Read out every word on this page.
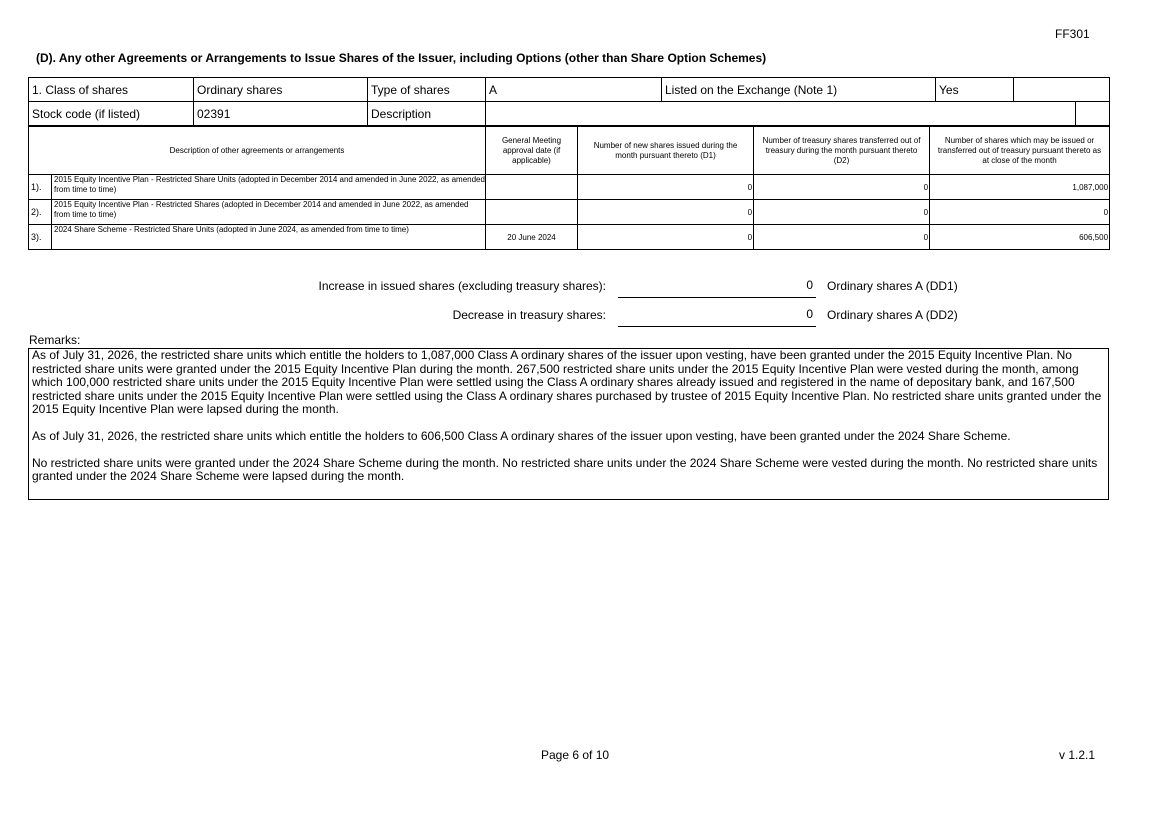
FF301
(D). Any other Agreements or Arrangements to Issue Shares of the Issuer, including Options (other than Share Option Schemes)
1. Class of shares	Ordinary shares	Type of shares	A	Listed on the Exchange (Note 1)	Yes		
Stock code (if listed)	02391	Description					
Description of other agreements or arrangements		General Meeting approval date (if applicable)	Number of new shares issued during the month pursuant thereto (D1)	Number of treasury shares transferred out of treasury during the month pursuant thereto (D2)	Number of shares which may be issued or transferred out of treasury pursuant thereto as at close of the month
1).	2015 Equity Incentive Plan - Restricted Share Units (adopted in December 2014 and amended in June 2022, as amended from time to time)		0	0	1,087,000
2).	2015 Equity Incentive Plan - Restricted Shares (adopted in December 2014 and amended in June 2022, as amended from time to time)		0	0	0
3).	2024 Share Scheme - Restricted Share Units (adopted in June 2024, as amended from time to time)	20 June 2024	0	0	606,500
Increase in issued shares (excluding treasury shares):	0 Ordinary shares A (DD1)
Decrease in treasury shares:	0 Ordinary shares A (DD2)
Remarks:

As of July 31, 2026, the restricted share units which entitle the holders to 1,087,000 Class A ordinary shares of the issuer upon vesting, have been granted under the 2015 Equity Incentive Plan. No restricted share units were granted under the 2015 Equity Incentive Plan during the month. 267,500 restricted share units under the 2015 Equity Incentive Plan were vested during the month, among which 100,000 restricted share units under the 2015 Equity Incentive Plan were settled using the Class A ordinary shares already issued and registered in the name of depositary bank, and 167,500 restricted share units under the 2015 Equity Incentive Plan were settled using the Class A ordinary shares purchased by trustee of 2015 Equity Incentive Plan. No restricted share units granted under the 2015 Equity Incentive Plan were lapsed during the month.

As of July 31, 2026, the restricted share units which entitle the holders to 606,500 Class A ordinary shares of the issuer upon vesting, have been granted under the 2024 Share Scheme.

No restricted share units were granted under the 2024 Share Scheme during the month. No restricted share units under the 2024 Share Scheme were vested during the month. No restricted share units granted under the 2024 Share Scheme were lapsed during the month.

Page 6 of 10	v 1.2.1
